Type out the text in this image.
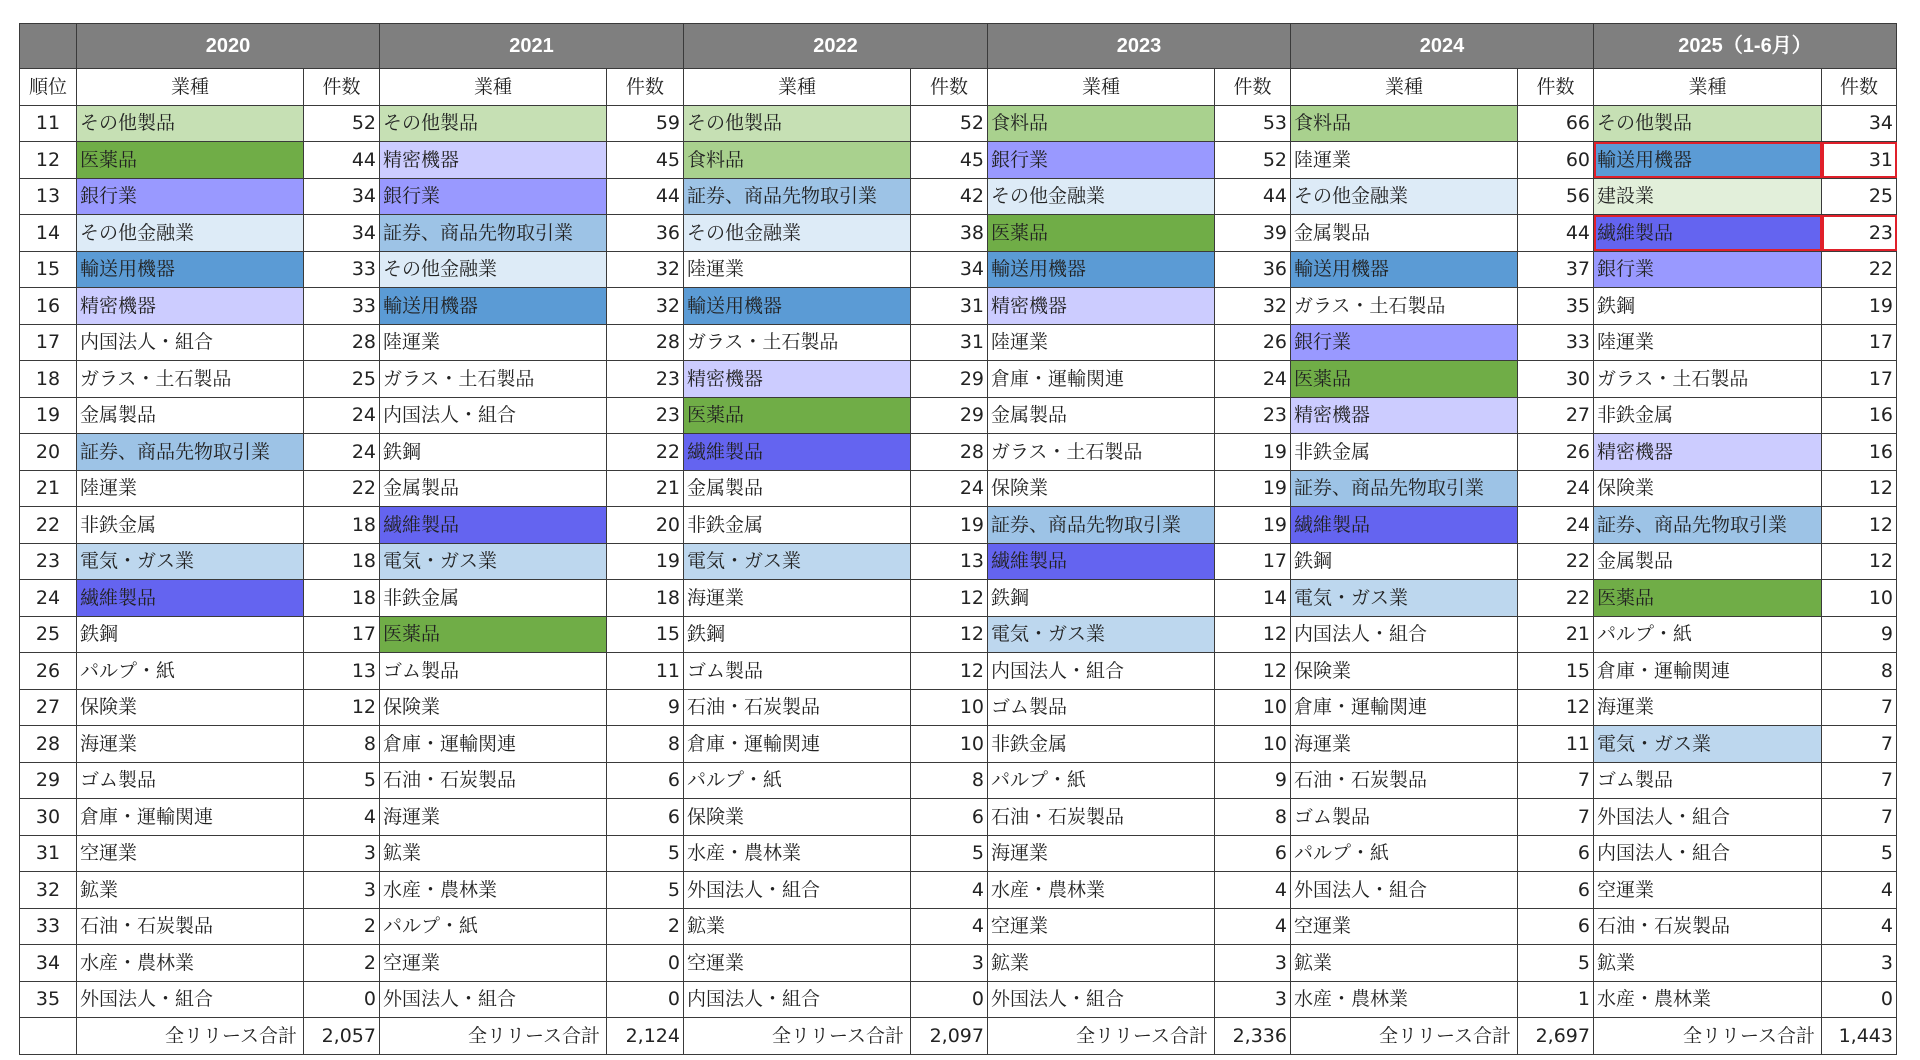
	2020		2021		2022		2023		2024		2025（1-6月）	
順位	業種	件数	業種	件数	業種	件数	業種	件数	業種	件数	業種	件数
11	その他製品	52	その他製品	59	その他製品	52	食料品	53	食料品	66	その他製品	34
12	医薬品	44	精密機器	45	食料品	45	銀行業	52	陸運業	60	輸送用機器	31
13	銀行業	34	銀行業	44	証券、商品先物取引業	42	その他金融業	44	その他金融業	56	建設業	25
14	その他金融業	34	証券、商品先物取引業	36	その他金融業	38	医薬品	39	金属製品	44	繊維製品	23
15	輸送用機器	33	その他金融業	32	陸運業	34	輸送用機器	36	輸送用機器	37	銀行業	22
16	精密機器	33	輸送用機器	32	輸送用機器	31	精密機器	32	ガラス・土石製品	35	鉄鋼	19
17	内国法人・組合	28	陸運業	28	ガラス・土石製品	31	陸運業	26	銀行業	33	陸運業	17
18	ガラス・土石製品	25	ガラス・土石製品	23	精密機器	29	倉庫・運輸関連	24	医薬品	30	ガラス・土石製品	17
19	金属製品	24	内国法人・組合	23	医薬品	29	金属製品	23	精密機器	27	非鉄金属	16
20	証券、商品先物取引業	24	鉄鋼	22	繊維製品	28	ガラス・土石製品	19	非鉄金属	26	精密機器	16
21	陸運業	22	金属製品	21	金属製品	24	保険業	19	証券、商品先物取引業	24	保険業	12
22	非鉄金属	18	繊維製品	20	非鉄金属	19	証券、商品先物取引業	19	繊維製品	24	証券、商品先物取引業	12
23	電気・ガス業	18	電気・ガス業	19	電気・ガス業	13	繊維製品	17	鉄鋼	22	金属製品	12
24	繊維製品	18	非鉄金属	18	海運業	12	鉄鋼	14	電気・ガス業	22	医薬品	10
25	鉄鋼	17	医薬品	15	鉄鋼	12	電気・ガス業	12	内国法人・組合	21	パルプ・紙	9
26	パルプ・紙	13	ゴム製品	11	ゴム製品	12	内国法人・組合	12	保険業	15	倉庫・運輸関連	8
27	保険業	12	保険業	9	石油・石炭製品	10	ゴム製品	10	倉庫・運輸関連	12	海運業	7
28	海運業	8	倉庫・運輸関連	8	倉庫・運輸関連	10	非鉄金属	10	海運業	11	電気・ガス業	7
29	ゴム製品	5	石油・石炭製品	6	パルプ・紙	8	パルプ・紙	9	石油・石炭製品	7	ゴム製品	7
30	倉庫・運輸関連	4	海運業	6	保険業	6	石油・石炭製品	8	ゴム製品	7	外国法人・組合	7
31	空運業	3	鉱業	5	水産・農林業	5	海運業	6	パルプ・紙	6	内国法人・組合	5
32	鉱業	3	水産・農林業	5	外国法人・組合	4	水産・農林業	4	外国法人・組合	6	空運業	4
33	石油・石炭製品	2	パルプ・紙	2	鉱業	4	空運業	4	空運業	6	石油・石炭製品	4
34	水産・農林業	2	空運業	0	空運業	3	鉱業	3	鉱業	5	鉱業	3
35	外国法人・組合	0	外国法人・組合	0	内国法人・組合	0	外国法人・組合	3	水産・農林業	1	水産・農林業	0
	全リリース合計	2,057	全リリース合計	2,124	全リリース合計	2,097	全リリース合計	2,336	全リリース合計	2,697	全リリース合計	1,443
